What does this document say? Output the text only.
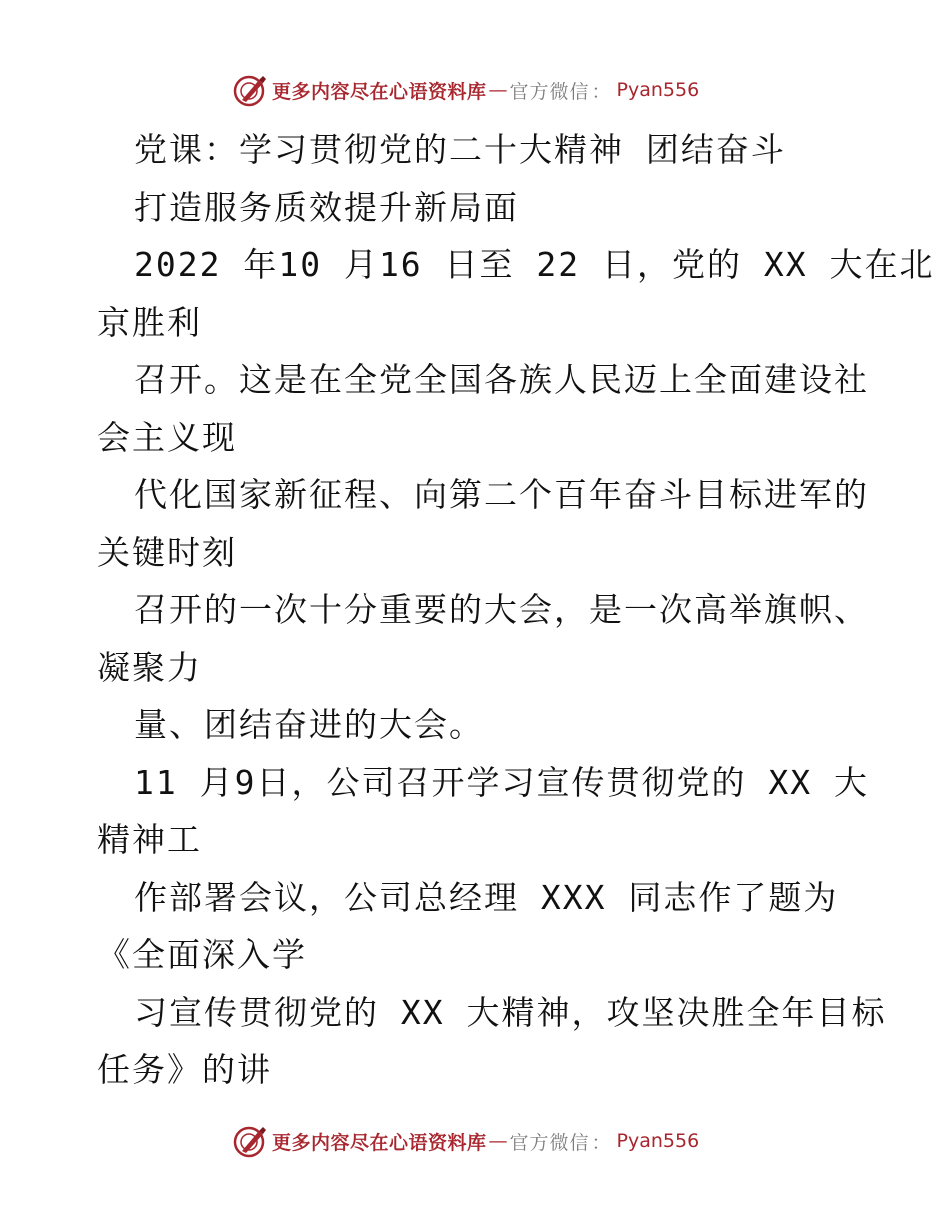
更多内容尽在心语资料库 — 官方微信 ： Pyan556
党课：学习贯彻党的二十大精神 团结奋斗
打造服务质效提升新局面
2022 年10 月16 日至 22 日，党的 XX 大在北
京胜利
召开。这是在全党全国各族人民迈上全面建设社
会主义现
代化国家新征程、向第二个百年奋斗目标进军的
关键时刻
召开的一次十分重要的大会，是一次高举旗帜、
凝聚力
量、团结奋进的大会。
11 月9日，公司召开学习宣传贯彻党的 XX 大
精神工
作部署会议，公司总经理 XXX 同志作了题为
《全面深入学
习宣传贯彻党的 XX 大精神，攻坚决胜全年目标
任务》的讲
更多内容尽在心语资料库 — 官方微信 ： Pyan556
